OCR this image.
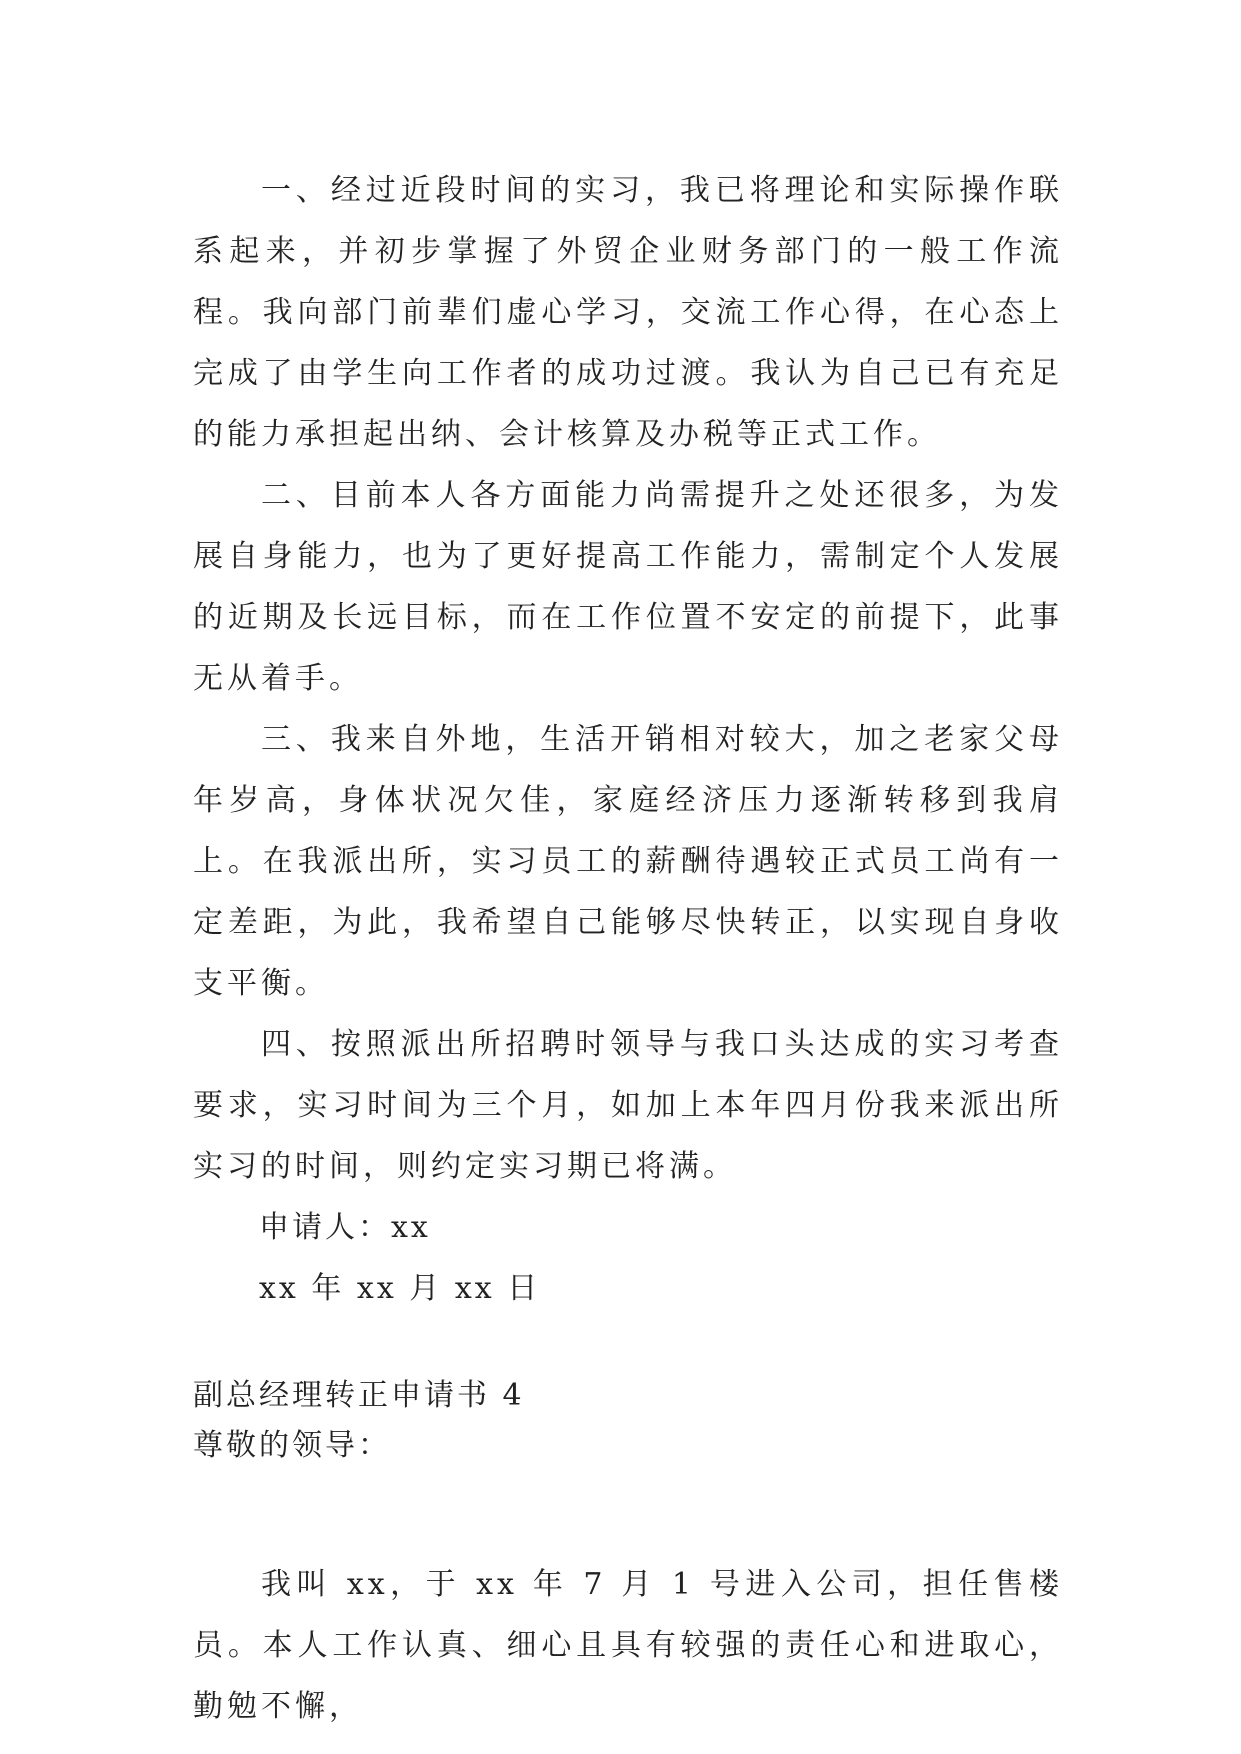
一、经过近段时间的实习，我已将理论和实际操作联系起来，并初步掌握了外贸企业财务部门的一般工作流程。我向部门前辈们虚心学习，交流工作心得，在心态上完成了由学生向工作者的成功过渡。我认为自己已有充足的能力承担起出纳、会计核算及办税等正式工作。

二、目前本人各方面能力尚需提升之处还很多，为发展自身能力，也为了更好提高工作能力，需制定个人发展的近期及长远目标，而在工作位置不安定的前提下，此事无从着手。

三、我来自外地，生活开销相对较大，加之老家父母年岁高，身体状况欠佳，家庭经济压力逐渐转移到我肩上。在我派出所，实习员工的薪酬待遇较正式员工尚有一定差距，为此，我希望自己能够尽快转正，以实现自身收支平衡。

四、按照派出所招聘时领导与我口头达成的实习考查要求，实习时间为三个月，如加上本年四月份我来派出所实习的时间，则约定实习期已将满。

申请人：xx

xx 年 xx 月 xx 日

副总经理转正申请书 4

尊敬的领导：

我叫 xx，于 xx 年 7 月 1 号进入公司，担任售楼员。本人工作认真、细心且具有较强的责任心和进取心，勤勉不懈，
